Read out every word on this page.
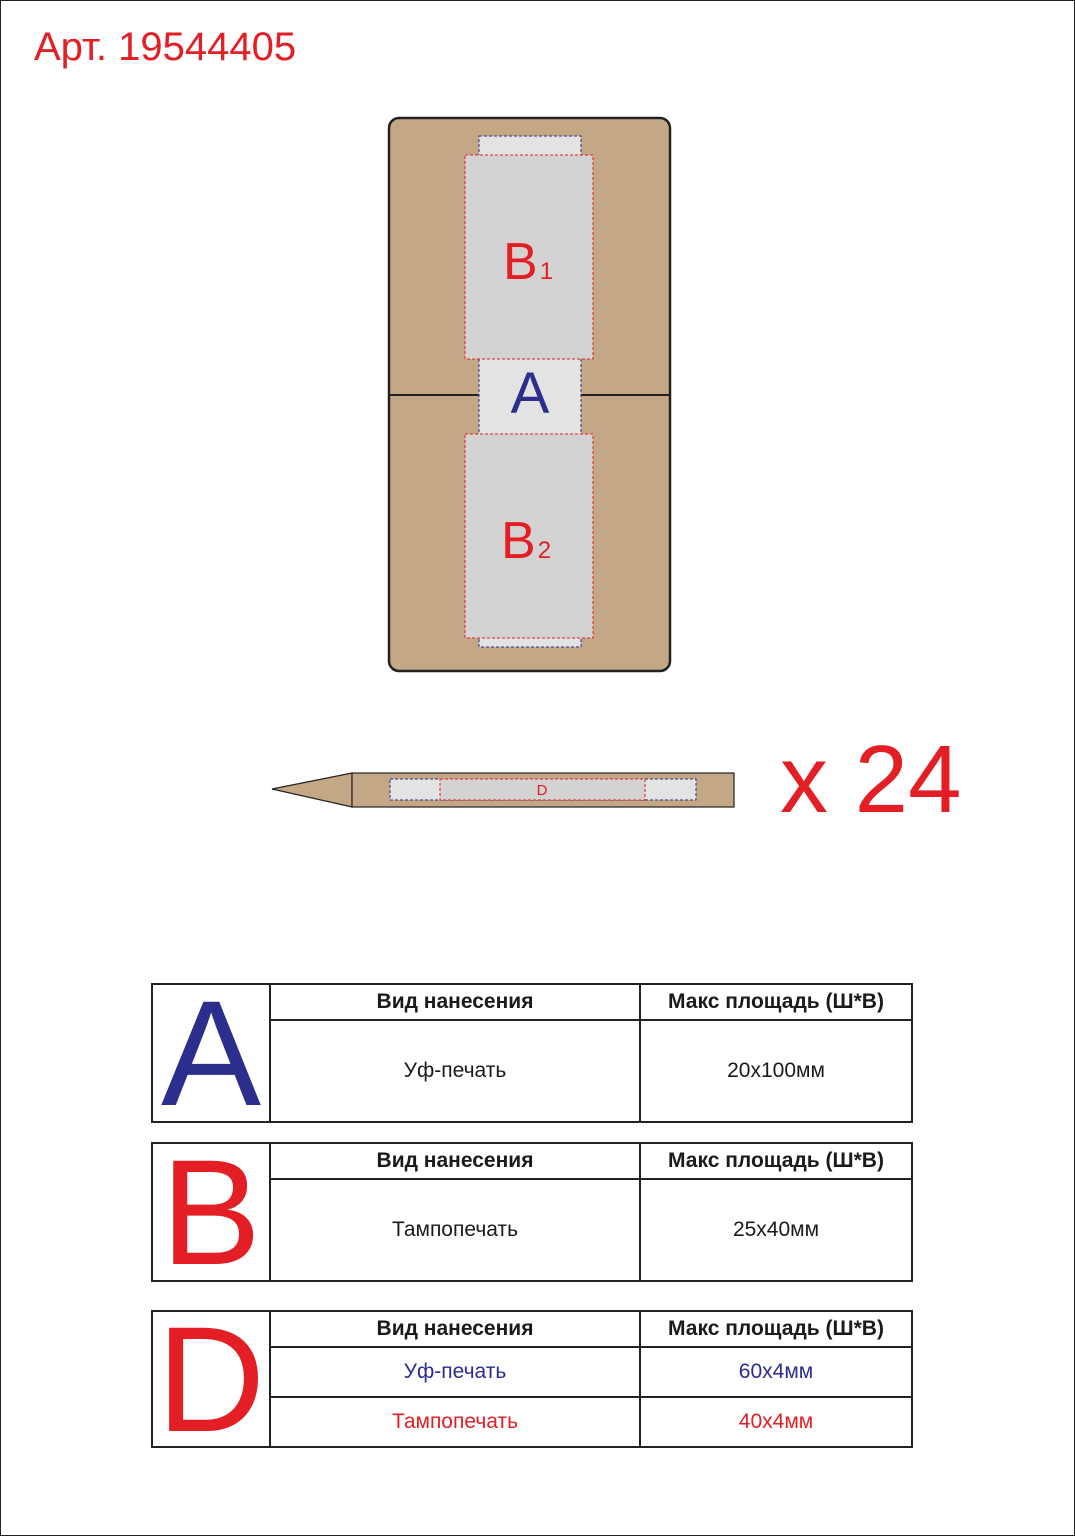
Арт. 19544405
A
B1
B2
D x 24
A	Вид нанесения	Макс площадь (Ш*В)
	Уф-печать	20х100мм
B	Вид нанесения	Макс площадь (Ш*В)
	Тампопечать	25х40мм
D	Вид нанесения	Макс площадь (Ш*В)
	Уф-печать	60х4мм
	Тампопечать	40х4мм
